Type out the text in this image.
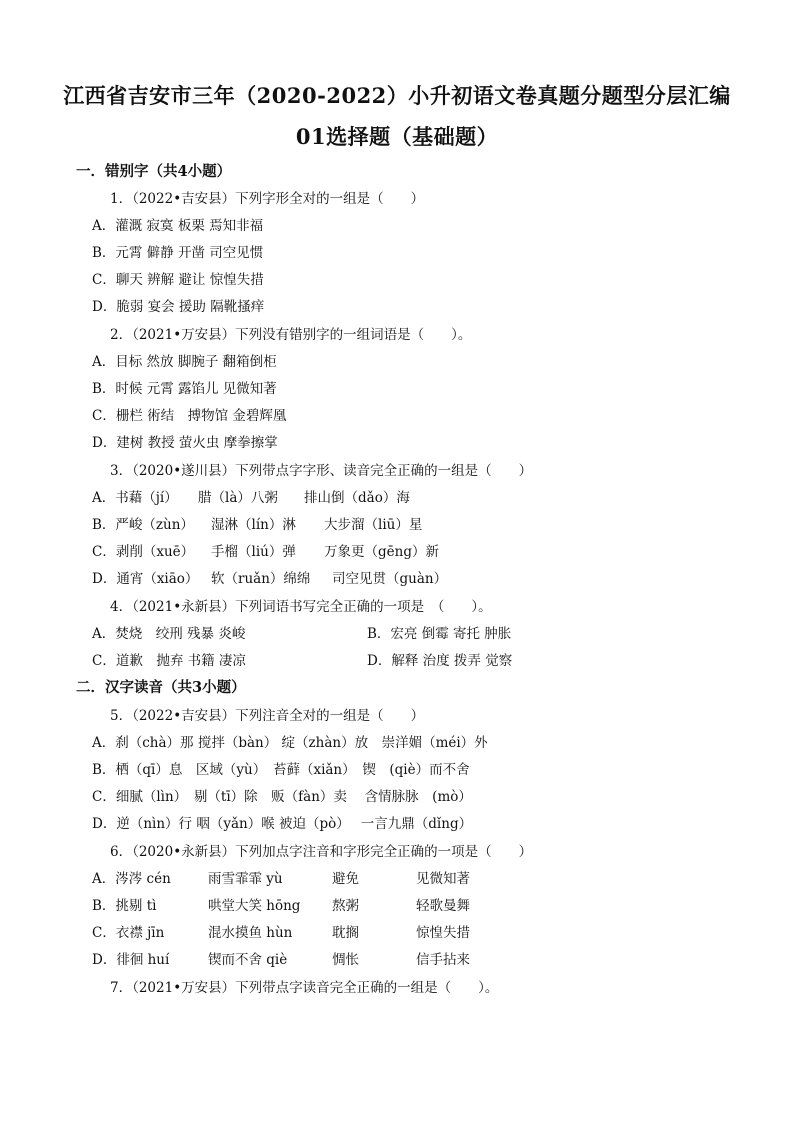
江西省吉安市三年（2020-2022）小升初语文卷真题分题型分层汇编
01选择题（基础题）
一．错别字（共4小题）
1．（2022•吉安县）下列字形全对的一组是（　　）
A．灌溉 寂寞 板栗 焉知非福
B．元霄 僻静 开凿 司空见惯
C．聊天 辨解 避让 惊惶失措
D．脆弱 宴会 援助 隔靴搔痒
2．（2021•万安县）下列没有错别字的一组词语是（　　）。
A．目标 然放 脚腕子 翻箱倒柜
B．时候 元霄 露馅儿 见微知著
C．栅栏 術结　搏物馆 金碧辉凰
D．建树 教授 萤火虫 摩拳擦掌
3．（2020•遂川县）下列带点字字形、读音完全正确的一组是（　　）
A．书藉（jí） 腊（là）八粥 排山倒（dǎo）海
B．严峻（zùn） 湿淋（lín）淋 大步溜（liū）星
C．剥削（xuē） 手榴（liú）弹 万象更（gēng）新
D．通宵（xiāo） 软（ruǎn）绵绵 司空见贯（guàn）
4．（2021•永新县）下列词语书写完全正确的一项是　（　　）。
A．焚烧　绞刑 残暴 炎峻	B．宏亮 倒霉 寄托 肿胀
C．道歉　抛弃 书籍 凄凉	D．解释 治度 拨弄 觉察
二．汉字读音（共3小题）
5．（2022•吉安县）下列注音全对的一组是（　　）
A．刹（chà）那 搅拌（bàn） 绽（zhàn）放　崇洋媚（méi）外
B．栖（qī）息　区域（yù）　苔藓（xiǎn）　锲　(qiè）而不舍
C．细腻（lìn）　剔（tī）除　贩（fàn）卖　 含情脉脉　(mò）
D．逆（nìn）行 咽（yǎn）喉 被迫（pò）　 一言九鼎（dǐng）
6．（2020•永新县）下列加点字注音和字形完全正确的一项是（　　）
A．涔涔 cén	雨雪霏霏 yù	避免	见微知著
B．挑剔 tì	哄堂大笑 hōng 熬粥	轻歌曼舞
C．衣襟 jīn	混水摸鱼 hùn	耽搁	惊惶失措
D．徘徊 huí	锲而不舍 qiè	惆怅	信手拈来
7．（2021•万安县）下列带点字读音完全正确的一组是（　　）。
